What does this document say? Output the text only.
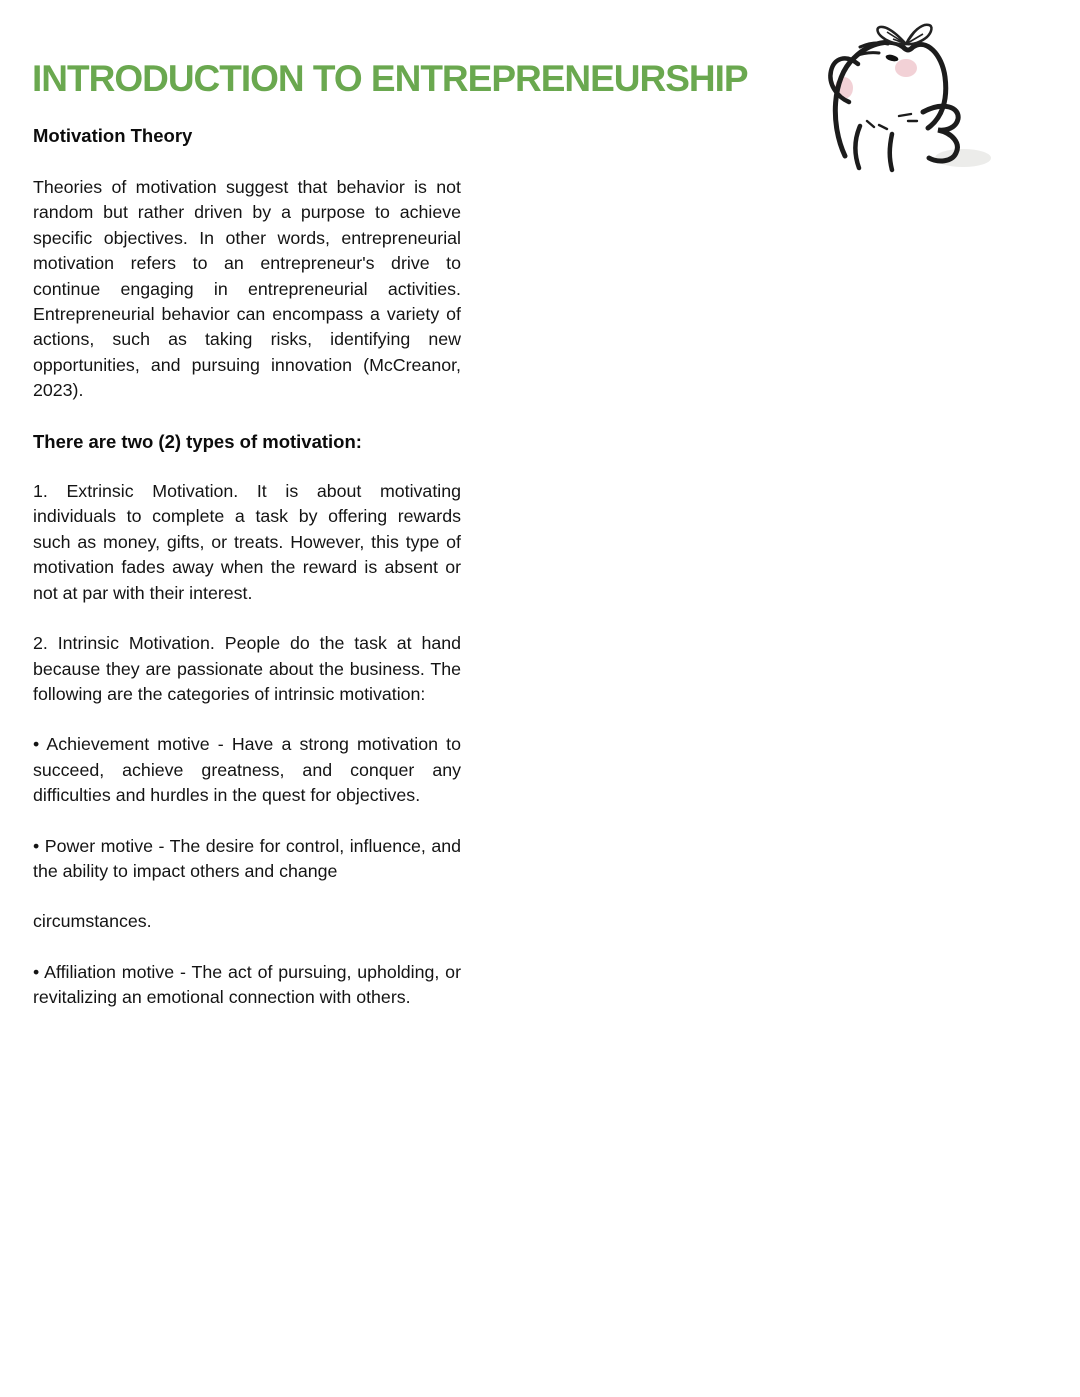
INTRODUCTION TO ENTREPRENEURSHIP
Motivation Theory

Theories of motivation suggest that behavior is not random but rather driven by a purpose to achieve specific objectives. In other words, entrepreneurial motivation refers to an entrepreneur's drive to continue engaging in entrepreneurial activities. Entrepreneurial behavior can encompass a variety of actions, such as taking risks, identifying new opportunities, and pursuing innovation (McCreanor, 2023).

There are two (2) types of motivation:

1. Extrinsic Motivation. It is about motivating individuals to complete a task by offering rewards such as money, gifts, or treats. However, this type of motivation fades away when the reward is absent or not at par with their interest.

2. Intrinsic Motivation. People do the task at hand because they are passionate about the business. The following are the categories of intrinsic motivation:

• Achievement motive - Have a strong motivation to succeed, achieve greatness, and conquer any difficulties and hurdles in the quest for objectives.

• Power motive - The desire for control, influence, and the ability to impact others and change

circumstances.

• Affiliation motive - The act of pursuing, upholding, or revitalizing an emotional connection with others.
